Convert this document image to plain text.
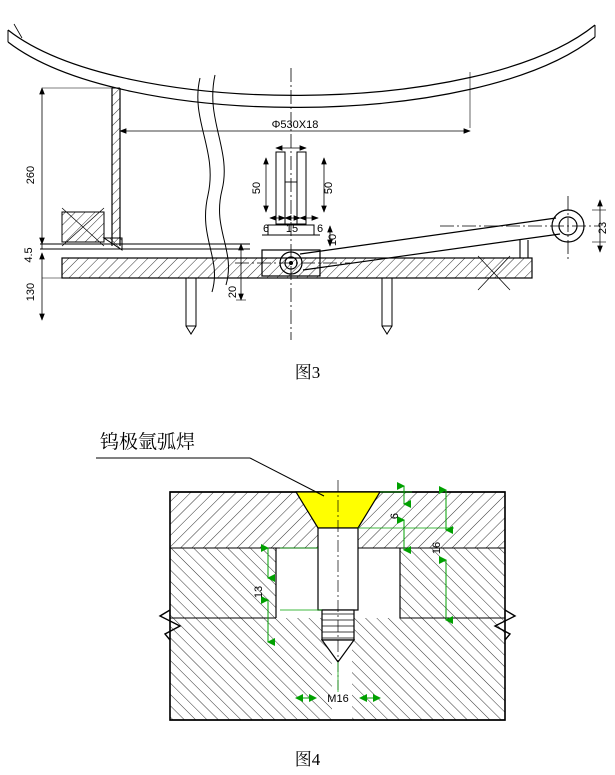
260
4.5
130
Φ530X18
23
20
10
50	50
6 15 6
图3
钨极氩弧焊
6
16
13
M16
图4
